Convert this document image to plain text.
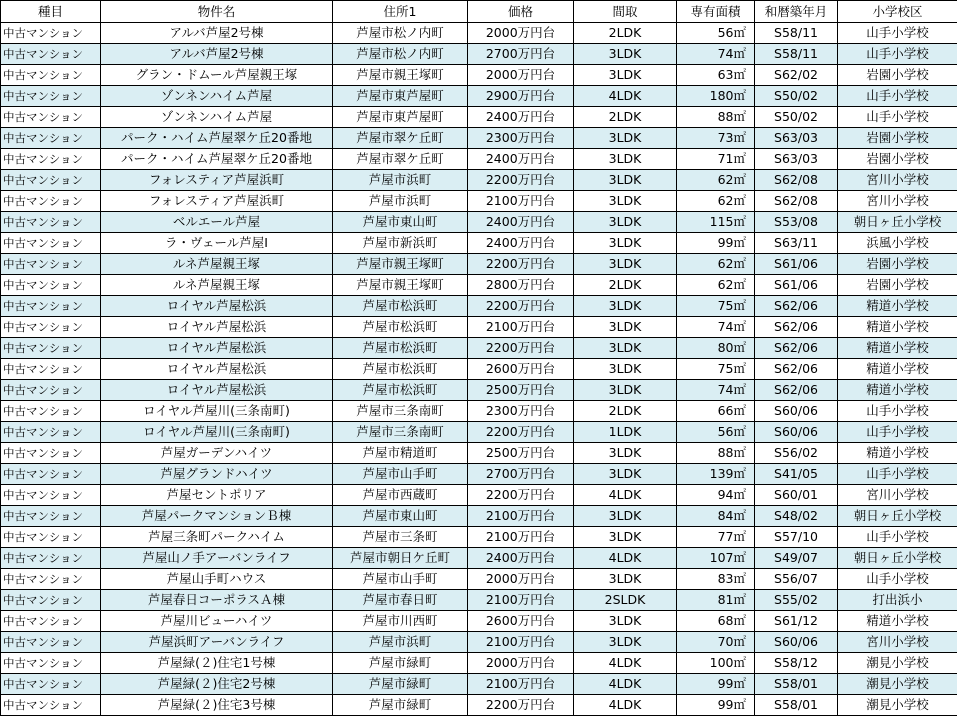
種目	物件名	住所1	価格	間取	専有面積	和暦築年月	小学校区
中古マンション	アルバ芦屋2号棟	芦屋市松ノ内町	2000万円台	2LDK	56㎡	S58/11	山手小学校
中古マンション	アルバ芦屋2号棟	芦屋市松ノ内町	2700万円台	3LDK	74㎡	S58/11	山手小学校
中古マンション	グラン・ドムール芦屋親王塚	芦屋市親王塚町	2000万円台	3LDK	63㎡	S62/02	岩園小学校
中古マンション	ゾンネンハイム芦屋	芦屋市東芦屋町	2900万円台	4LDK	180㎡	S50/02	山手小学校
中古マンション	ゾンネンハイム芦屋	芦屋市東芦屋町	2400万円台	2LDK	88㎡	S50/02	山手小学校
中古マンション	パーク・ハイム芦屋翠ケ丘20番地	芦屋市翠ケ丘町	2300万円台	3LDK	73㎡	S63/03	岩園小学校
中古マンション	パーク・ハイム芦屋翠ケ丘20番地	芦屋市翠ケ丘町	2400万円台	3LDK	71㎡	S63/03	岩園小学校
中古マンション	フォレスティア芦屋浜町	芦屋市浜町	2200万円台	3LDK	62㎡	S62/08	宮川小学校
中古マンション	フォレスティア芦屋浜町	芦屋市浜町	2100万円台	3LDK	62㎡	S62/08	宮川小学校
中古マンション	ベルエール芦屋	芦屋市東山町	2400万円台	3LDK	115㎡	S53/08	朝日ヶ丘小学校
中古マンション	ラ・ヴェール芦屋Ⅰ	芦屋市新浜町	2400万円台	3LDK	99㎡	S63/11	浜風小学校
中古マンション	ルネ芦屋親王塚	芦屋市親王塚町	2200万円台	3LDK	62㎡	S61/06	岩園小学校
中古マンション	ルネ芦屋親王塚	芦屋市親王塚町	2800万円台	2LDK	62㎡	S61/06	岩園小学校
中古マンション	ロイヤル芦屋松浜	芦屋市松浜町	2200万円台	3LDK	75㎡	S62/06	精道小学校
中古マンション	ロイヤル芦屋松浜	芦屋市松浜町	2100万円台	3LDK	74㎡	S62/06	精道小学校
中古マンション	ロイヤル芦屋松浜	芦屋市松浜町	2200万円台	3LDK	80㎡	S62/06	精道小学校
中古マンション	ロイヤル芦屋松浜	芦屋市松浜町	2600万円台	3LDK	75㎡	S62/06	精道小学校
中古マンション	ロイヤル芦屋松浜	芦屋市松浜町	2500万円台	3LDK	74㎡	S62/06	精道小学校
中古マンション	ロイヤル芦屋川(三条南町)	芦屋市三条南町	2300万円台	2LDK	66㎡	S60/06	山手小学校
中古マンション	ロイヤル芦屋川(三条南町)	芦屋市三条南町	2200万円台	1LDK	56㎡	S60/06	山手小学校
中古マンション	芦屋ガーデンハイツ	芦屋市精道町	2500万円台	3LDK	88㎡	S56/02	精道小学校
中古マンション	芦屋グランドハイツ	芦屋市山手町	2700万円台	3LDK	139㎡	S41/05	山手小学校
中古マンション	芦屋セントポリア	芦屋市西蔵町	2200万円台	4LDK	94㎡	S60/01	宮川小学校
中古マンション	芦屋パークマンションＢ棟	芦屋市東山町	2100万円台	3LDK	84㎡	S48/02	朝日ヶ丘小学校
中古マンション	芦屋三条町パークハイム	芦屋市三条町	2100万円台	3LDK	77㎡	S57/10	山手小学校
中古マンション	芦屋山ノ手アーバンライフ	芦屋市朝日ケ丘町	2400万円台	4LDK	107㎡	S49/07	朝日ヶ丘小学校
中古マンション	芦屋山手町ハウス	芦屋市山手町	2000万円台	3LDK	83㎡	S56/07	山手小学校
中古マンション	芦屋春日コーポラスＡ棟	芦屋市春日町	2100万円台	2SLDK	81㎡	S55/02	打出浜小
中古マンション	芦屋川ビューハイツ	芦屋市川西町	2600万円台	3LDK	68㎡	S61/12	精道小学校
中古マンション	芦屋浜町アーバンライフ	芦屋市浜町	2100万円台	3LDK	70㎡	S60/06	宮川小学校
中古マンション	芦屋緑(２)住宅1号棟	芦屋市緑町	2000万円台	4LDK	100㎡	S58/12	潮見小学校
中古マンション	芦屋緑(２)住宅2号棟	芦屋市緑町	2100万円台	4LDK	99㎡	S58/01	潮見小学校
中古マンション	芦屋緑(２)住宅3号棟	芦屋市緑町	2200万円台	4LDK	99㎡	S58/01	潮見小学校
